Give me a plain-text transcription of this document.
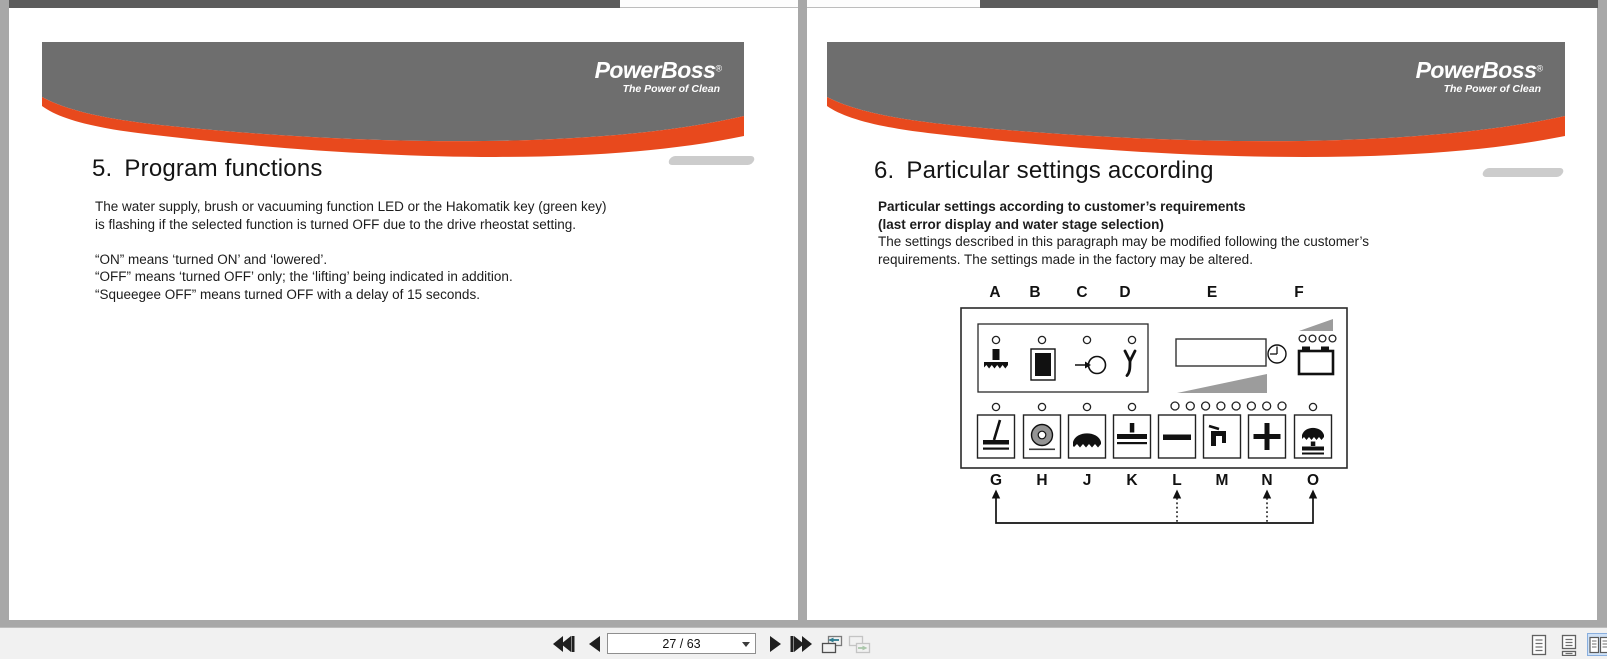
PowerBoss®
The Power of Clean
5. Program functions
The water supply, brush or vacuuming function LED or the Hakomatik key (green key)
is flashing if the selected function is turned OFF due to the drive rheostat setting.
“ON” means ‘turned ON’ and ‘lowered’.
“OFF” means ‘turned OFF’ only; the ‘lifting’ being indicated in addition.
“Squeegee OFF” means turned OFF with a delay of 15 seconds.
PowerBoss®
The Power of Clean
6. Particular settings according
Particular settings according to customer’s requirements
(last error display and water stage selection)
The settings described in this paragraph may be modified following the customer’s
requirements. The settings made in the factory may be altered.
A B C D	E	F
G H J K L M N O
27 / 63
